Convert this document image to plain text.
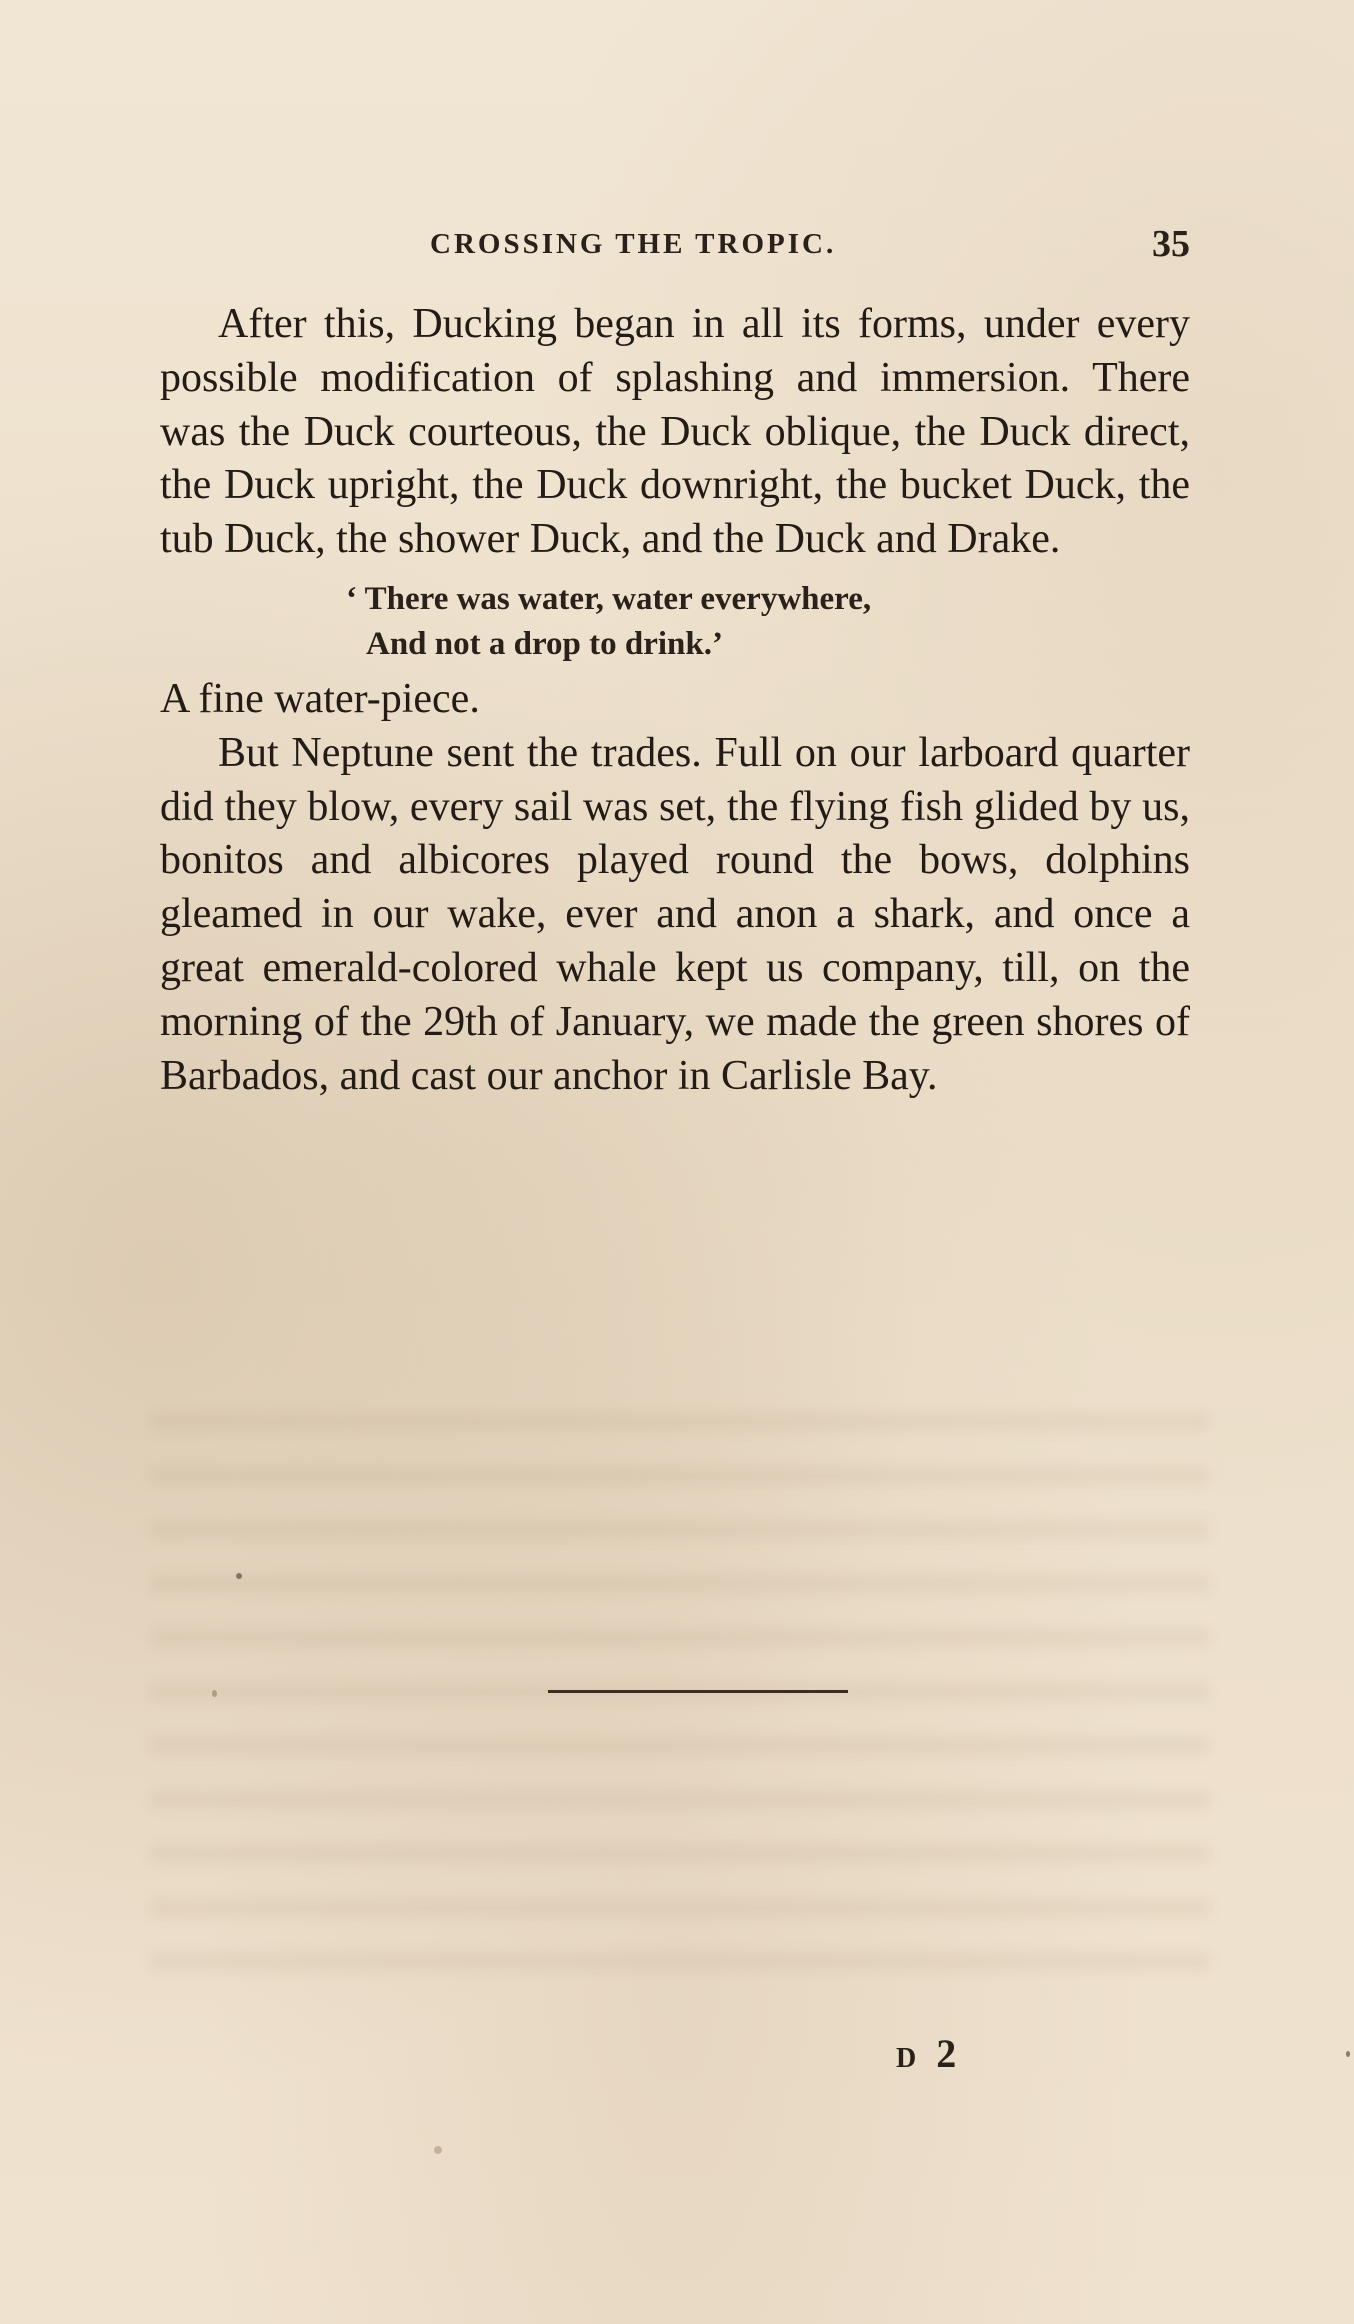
CROSSING THE TROPIC.	35

After this, Ducking began in all its forms, under every possible modification of splashing and immersion. There was the Duck courteous, the Duck oblique, the Duck direct, the Duck upright, the Duck downright, the bucket Duck, the tub Duck, the shower Duck, and the Duck and Drake.

‘ There was water, water everywhere,
And not a drop to drink.’

A fine water-piece.

But Neptune sent the trades. Full on our larboard quarter did they blow, every sail was set, the flying fish glided by us, bonitos and albicores played round the bows, dolphins gleamed in our wake, ever and anon a shark, and once a great emerald-colored whale kept us company, till, on the morning of the 29th of January, we made the green shores of Barbados, and cast our anchor in Carlisle Bay.

D 2
